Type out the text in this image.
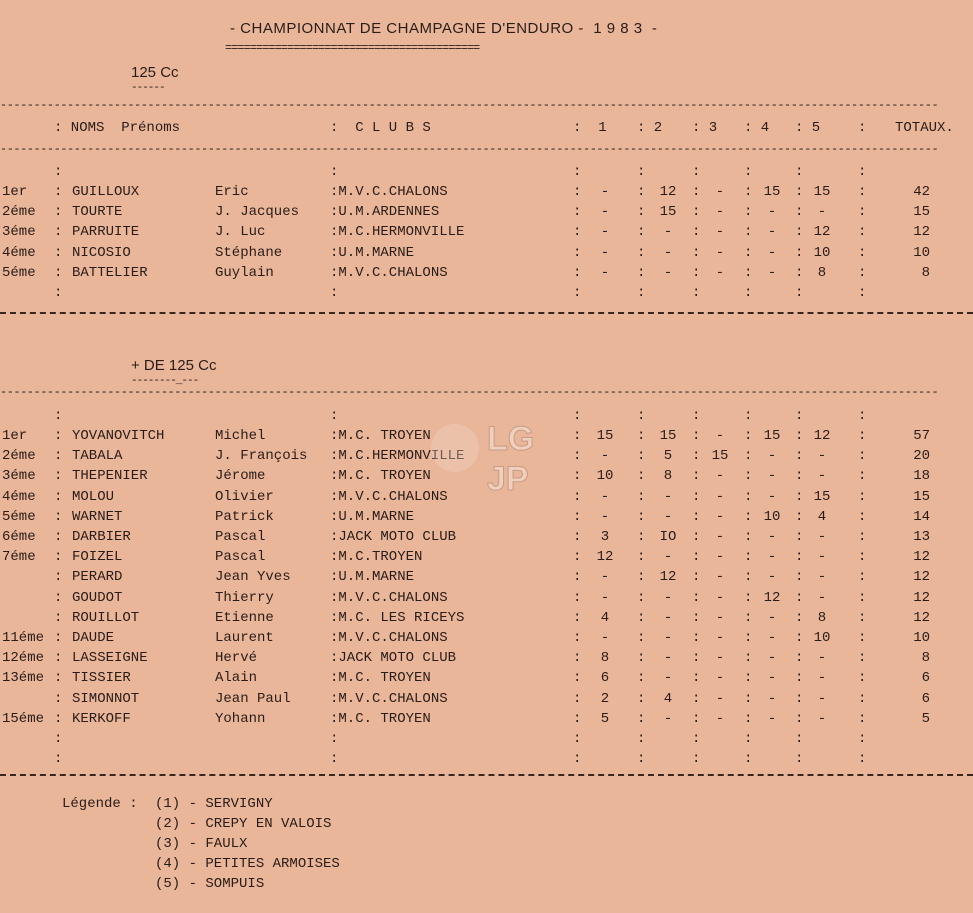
- CHAMPIONNAT DE CHAMPAGNE D'ENDURO -  1 9 8 3  -
=========================================
125 Cc
------
--------------------------------------------------------------------------------------------------------------------------------------------
: NOMS  Prénoms	:  C L U B S	:  1 : 2 : 3 : 4 : 5	: TOTAUX.
--------------------------------------------------------------------------------------------------------------------------------------------
:	:	:	:	:	:	:	:
1er : GUILLOUX	Eric	:M.V.C.CHALONS	:	-	:	12	:	-	: 15	: 15	:	42
2éme : TOURTE	J. Jacques :U.M.ARDENNES	:	-	:	15	:	-	:	-	:	-	:	15
3éme : PARRUITE	J. Luc	:M.C.HERMONVILLE	:	-	:	-	:	-	:	-	: 12	:	12
4éme : NICOSIO	Stéphane	:U.M.MARNE	:	-	:	-	:	-	:	-	: 10	:	10
5éme : BATTELIER	Guylain	:M.V.C.CHALONS	:	-	:	-	:	-	:	-	:	8	:	8
:	:	:	:	:	:	:	:
+ DE 125 Cc
--------_---
--------------------------------------------------------------------------------------------------------------------------------------------
:	:	:	:	:	:	:	:
1er : YOVANOVITCH	Michel	:M.C. TROYEN	:	15	:	15	:	-	: 15	: 12	:	57
2éme : TABALA	J. François :M.C.HERMONVILLE	:	-	:	5	: 15	:	-	:	-	:	20
3éme : THEPENIER	Jérome	:M.C. TROYEN	:	10	:	8	:	-	:	-	:	-	:	18
4éme : MOLOU	Olivier	:M.V.C.CHALONS	:	-	:	-	:	-	:	-	: 15	:	15
5éme : WARNET	Patrick	:U.M.MARNE	:	-	:	-	:	-	: 10	:	4	:	14
6éme : DARBIER	Pascal	:JACK MOTO CLUB	:	3	:	IO	:	-	:	-	:	-	:	13
7éme : FOIZEL	Pascal	:M.C.TROYEN	:	12	:	-	:	-	:	-	:	-	:	12
: PERARD	Jean Yves	:U.M.MARNE	:	-	:	12	:	-	:	-	:	-	:	12
: GOUDOT	Thierry	:M.V.C.CHALONS	:	-	:	-	:	-	: 12	:	-	:	12
: ROUILLOT	Etienne	:M.C. LES RICEYS	:	4	:	-	:	-	:	-	:	8	:	12
11éme : DAUDE	Laurent	:M.V.C.CHALONS	:	-	:	-	:	-	:	-	: 10	:	10
12éme : LASSEIGNE	Hervé	:JACK MOTO CLUB	:	8	:	-	:	-	:	-	:	-	:	8
13éme : TISSIER	Alain	:M.C. TROYEN	:	6	:	-	:	-	:	-	:	-	:	6
: SIMONNOT	Jean Paul	:M.V.C.CHALONS	:	2	:	4	:	-	:	-	:	-	:	6
15éme : KERKOFF	Yohann	:M.C. TROYEN	:	5	:	-	:	-	:	-	:	-	:	5
:	:	:	:	:	:	:	:
:	:	:	:	:	:	:	:
Légende : (1) - SERVIGNY
(2) - CREPY EN VALOIS
(3) - FAULX
(4) - PETITES ARMOISES
(5) - SOMPUIS
LG
JP
